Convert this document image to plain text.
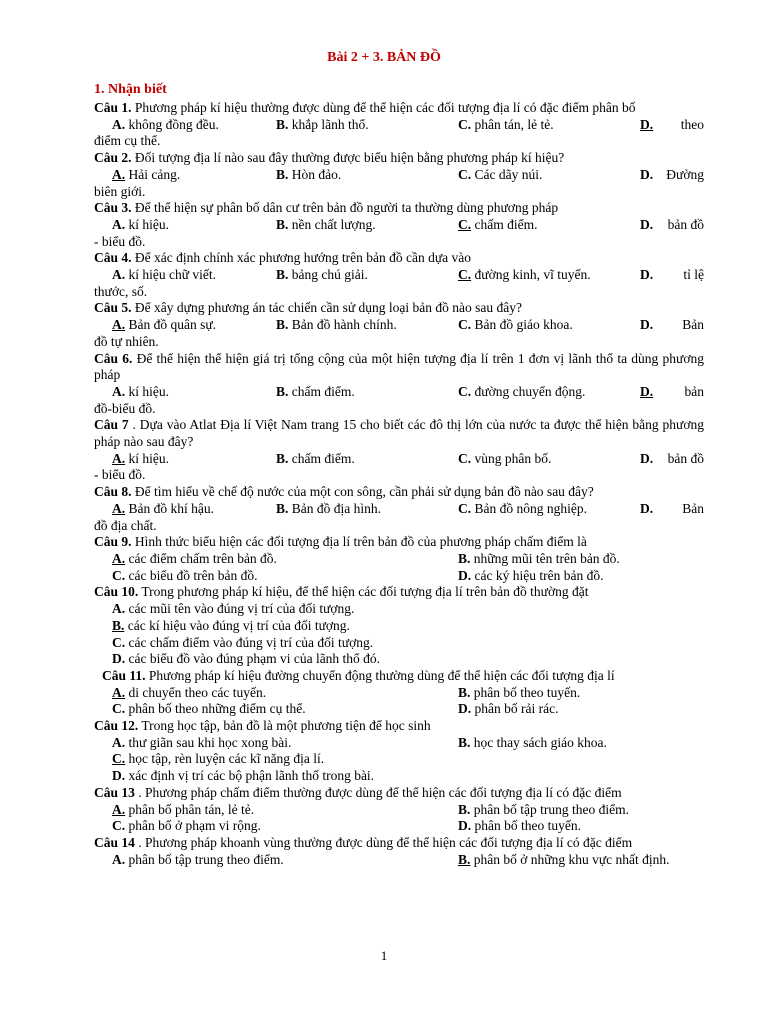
Bài 2 + 3. BẢN ĐỒ
1. Nhận biết
Câu 1. Phương pháp kí hiệu thường được dùng để thể hiện các đối tượng địa lí có đặc điểm phân bố
A. không đồng đều.	B. khắp lãnh thổ.	C. phân tán, lẻ tẻ.	D. theo
điểm cụ thể.
Câu 2. Đối tượng địa lí nào sau đây thường được biểu hiện bằng phương pháp kí hiệu?
A. Hải cảng.	B. Hòn đảo.	C. Các dãy núi.	D. Đường
biên giới.
Câu 3. Để thể hiện sự phân bố dân cư trên bản đồ người ta thường dùng phương pháp
A. kí hiệu.	B. nền chất lượng.	C. chấm điểm.	D. bản đồ
- biểu đồ.
Câu 4. Để xác định chính xác phương hướng trên bản đồ cần dựa vào
A. kí hiệu chữ viết.	B. bảng chú giải.	C. đường kinh, vĩ tuyến.	D. tỉ lệ
thước, số.
Câu 5. Để xây dựng phương án tác chiến cần sử dụng loại bản đồ nào sau đây?
A. Bản đồ quân sự.	B. Bản đồ hành chính.	C. Bản đồ giáo khoa.	D. Bản
đồ tự nhiên.
Câu 6. Để thể hiện thể hiện giá trị tổng cộng của một hiện tượng địa lí trên 1 đơn vị lãnh thổ ta dùng phương pháp
A. kí hiệu.	B. chấm điểm.	C. đường chuyển động.	D. bản
đồ-biểu đồ.
Câu 7 . Dựa vào Atlat Địa lí Việt Nam trang 15 cho biết các đô thị lớn của nước ta được thể hiện bằng phương pháp nào sau đây?
A. kí hiệu.	B. chấm điểm.	C. vùng phân bố.	D. bản đồ
- biểu đồ.
Câu 8. Để tìm hiểu về chế độ nước của một con sông, cần phải sử dụng bản đồ nào sau đây?
A. Bản đồ khí hậu.	B. Bản đồ địa hình.	C. Bản đồ nông nghiệp.	D. Bản
đồ địa chất.
Câu 9. Hình thức biểu hiện các đối tượng địa lí trên bản đồ của phương pháp chấm điểm là
A. các điểm chấm trên bản đồ.	B. những mũi tên trên bản đồ.
C. các biểu đồ trên bản đồ.	D. các ký hiệu trên bản đồ.
Câu 10. Trong phương pháp kí hiệu, để thể hiện các đối tượng địa lí trên bản đồ thường đặt
A. các mũi tên vào đúng vị trí của đối tượng.
B. các kí hiệu vào đúng vị trí của đối tượng.
C. các chấm điểm vào đúng vị trí của đối tượng.
D. các biểu đồ vào đúng phạm vi của lãnh thổ đó.
Câu 11. Phương pháp kí hiệu đường chuyển động thường dùng để thể hiện các đối tượng địa lí
A. di chuyển theo các tuyến.	B. phân bố theo tuyến.
C. phân bố theo những điểm cụ thể.	D. phân bố rải rác.
Câu 12. Trong học tập, bản đồ là một phương tiện để học sinh
A. thư giãn sau khi học xong bài.	B. học thay sách giáo khoa.
C. học tập, rèn luyện các kĩ năng địa lí.
D. xác định vị trí các bộ phận lãnh thổ trong bài.
Câu 13 . Phương pháp chấm điểm thường được dùng để thể hiện các đối tượng địa lí có đặc điểm
A. phân bố phân tán, lẻ tẻ.	B. phân bố tập trung theo điểm.
C. phân bố ở phạm vi rộng.	D. phân bố theo tuyến.
Câu 14 . Phương pháp khoanh vùng thường được dùng để thể hiện các đối tượng địa lí có đặc điểm
A. phân bố tập trung theo điểm.	B. phân bố ở những khu vực nhất định.
1
